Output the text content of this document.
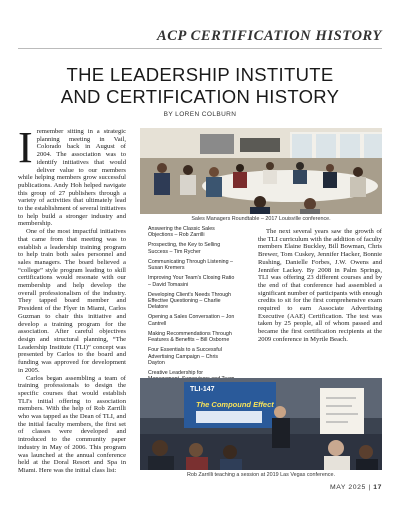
ACP CERTIFICATION HISTORY
THE LEADERSHIP INSTITUTE
AND CERTIFICATION HISTORY
BY LOREN COLBURN

Iremember sitting in a strategic planning meeting in Vail, Colorado back in August of 2004. The association was to identify initiatives that would deliver value to our members while helping members grow successful publications. Andy Hoh helped navigate this group of 27 publishers through a variety of activities that ultimately lead to the establishment of several initiatives to help build a stronger industry and membership.

One of the most impactful initiatives that came from that meeting was to establish a leadership training program to help train both sales personnel and sales managers. The board believed a “college” style program leading to skill certifications would resonate with our membership and help develop the overall professionalism of the industry. They tapped board member and President of the Flyer in Miami, Carlos Guzman to chair this initiative and develop a training program for the association. After careful objectives design and structural planning, “The Leadership Institute (TLI)” concept was presented by Carlos to the board and funding was approved for development in 2005.

Carlos began assembling a team of training professionals to design the specific courses that would establish TLI's initial offering to association members. With the help of Rob Zarrilli who was tapped as the Dean of TLI, and the initial faculty members, the first set of classes were developed and introduced to the community paper industry in May of 2006. This program was launched at the annual conference held at the Doral Resort and Spa in Miami. Here was the initial class list:

Sales Managers Roundtable – 2017 Louisville conference.

Answering the Classic Sales Objections – Rob Zarrilli

Prospecting, the Key to Selling Success – Tim Rycher

Communicating Through Listening – Susan Kremers

Improving Your Team's Closing Ratio – David Tomasini

Developing Client's Needs Through Effective Questioning – Charlie Delatore

Opening a Sales Conversation – Jon Cantrell

Making Recommendations Through Features & Benefits – Bill Osborne

Four Essentials to a Successful Advertising Campaign – Chris Dayton

Creative Leadership for

The next several years saw the growth of the TLI curriculum with the addition of faculty members Elaine Buckley, Bill Bowman, Chris Brewer, Tom Cuskey, Jennifer Hacker, Bonnie Rushing, Danielle Forbes, J.W. Owens and Jennifer Lackey. By 2008 in Palm Springs, TLI was offering 23 different courses and by the end of that conference had assembled a significant number of participants with enough credits to sit for the first comprehensive exam required to earn Associate Advertising Executive (AAE) Certification. The test was taken by 25 people, all of whom passed and became the first certification recipients at the 2009 conference in Myrtle Beach.

TLI-147
The Compound Effect
Rob Zarrilli teaching a session at 2019 Las Vegas conference.
MAY 2025 | 17
